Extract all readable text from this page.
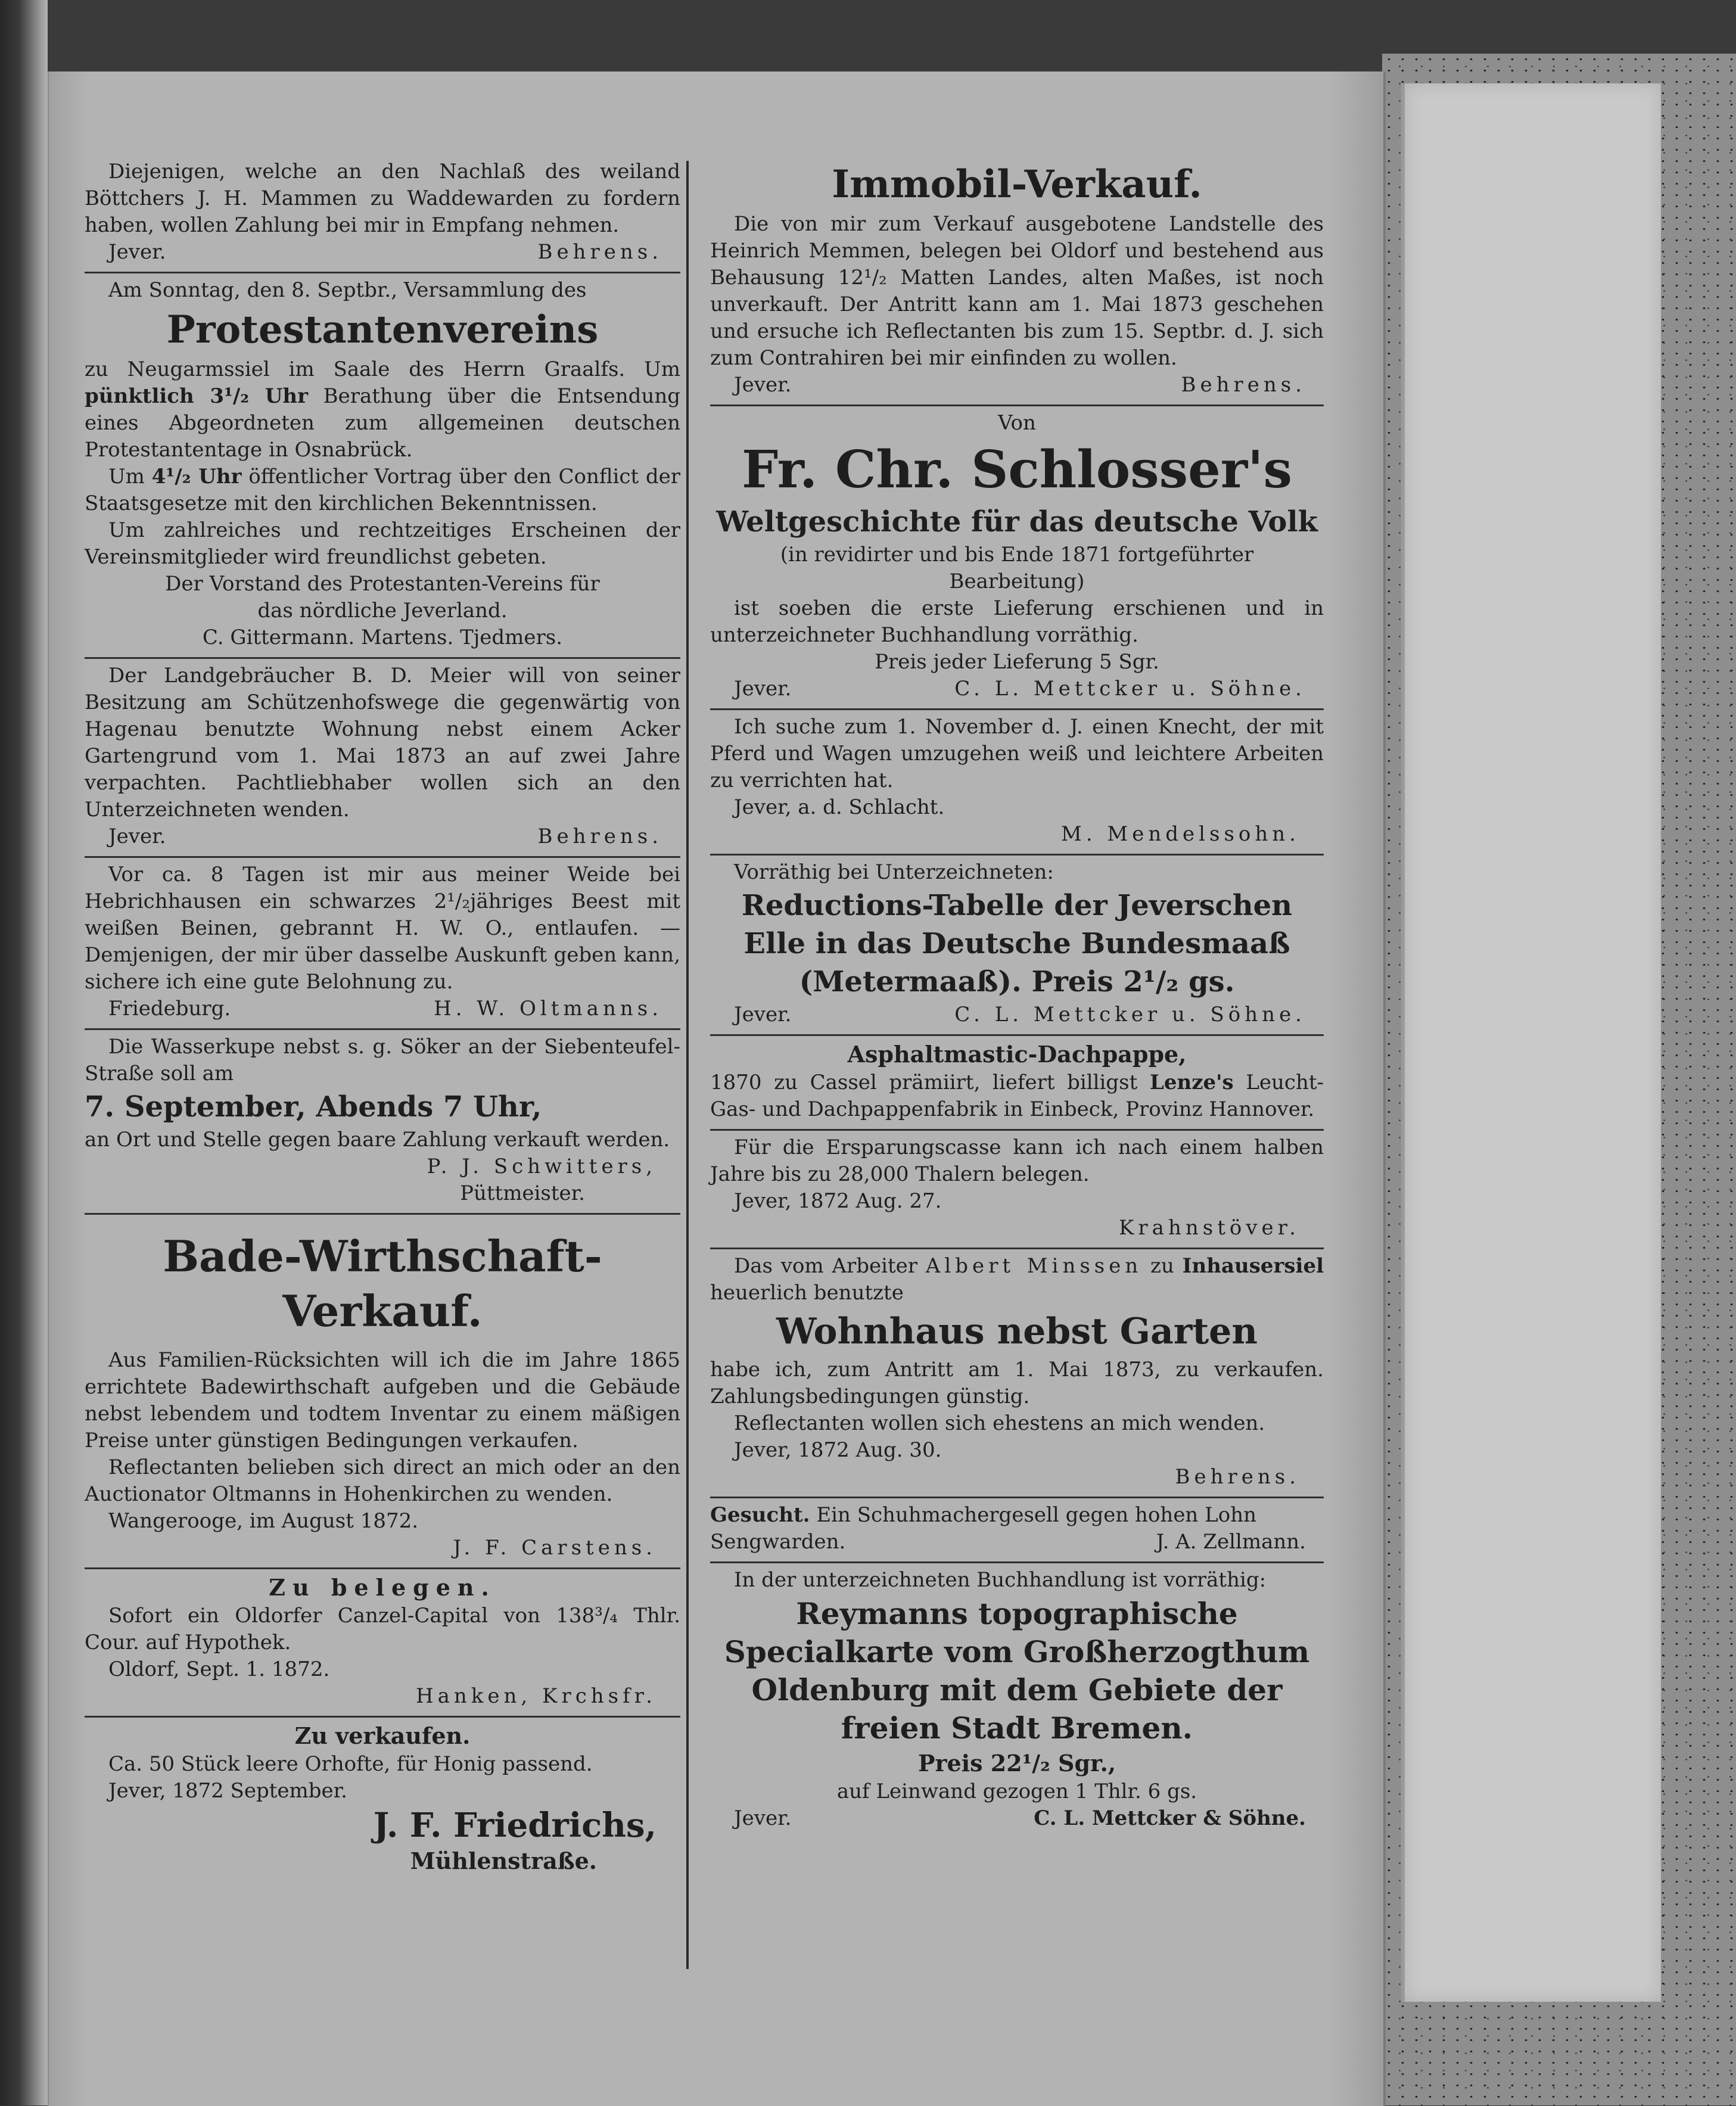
Diejenigen, welche an den Nachlaß des weiland Böttchers J. H. Mammen zu Waddewarden zu fordern haben, wollen Zahlung bei mir in Empfang nehmen.

Jever.	Behrens.

Am Sonntag, den 8. Septbr., Versammlung des

Protestantenvereins

zu Neugarmssiel im Saale des Herrn Graalfs. Um pünktlich 3¹/₂ Uhr Berathung über die Entsendung eines Abgeordneten zum allgemeinen deutschen Protestantentage in Osnabrück.

Um 4¹/₂ Uhr öffentlicher Vortrag über den Conflict der Staatsgesetze mit den kirchlichen Bekenntnissen.

Um zahlreiches und rechtzeitiges Erscheinen der Vereinsmitglieder wird freundlichst gebeten.

Der Vorstand des Protestanten-Vereins für

das nördliche Jeverland.

C. Gittermann. Martens. Tjedmers.

Der Landgebräucher B. D. Meier will von seiner Besitzung am Schützenhofswege die gegenwärtig von Hagenau benutzte Wohnung nebst einem Acker Gartengrund vom 1. Mai 1873 an auf zwei Jahre verpachten. Pachtliebhaber wollen sich an den Unterzeichneten wenden.

Jever.	Behrens.

Vor ca. 8 Tagen ist mir aus meiner Weide bei Hebrichhausen ein schwarzes 2¹/₂jähriges Beest mit weißen Beinen, gebrannt H. W. O., entlaufen. — Demjenigen, der mir über dasselbe Auskunft geben kann, sichere ich eine gute Belohnung zu.

Friedeburg.	H. W. Oltmanns.

Die Wasserkupe nebst s. g. Söker an der Siebenteufel-Straße soll am

7. September, Abends 7 Uhr,

an Ort und Stelle gegen baare Zahlung verkauft werden.

P. J. Schwitters,

Püttmeister.

Bade-Wirthschaft-
Verkauf.

Aus Familien-Rücksichten will ich die im Jahre 1865 errichtete Badewirthschaft aufgeben und die Gebäude nebst lebendem und todtem Inventar zu einem mäßigen Preise unter günstigen Bedingungen verkaufen.

Reflectanten belieben sich direct an mich oder an den Auctionator Oltmanns in Hohenkirchen zu wenden.

Wangerooge, im August 1872.

J. F. Carstens.

Zu belegen.

Sofort ein Oldorfer Canzel-Capital von 138³/₄ Thlr. Cour. auf Hypothek.

Oldorf, Sept. 1. 1872.

Hanken, Krchsfr.

Zu verkaufen.

Ca. 50 Stück leere Orhofte, für Honig passend.

Jever, 1872 September.

J. F. Friedrichs,

Mühlenstraße.

Immobil-Verkauf.

Die von mir zum Verkauf ausgebotene Landstelle des Heinrich Memmen, belegen bei Oldorf und bestehend aus Behausung 12¹/₂ Matten Landes, alten Maßes, ist noch unverkauft. Der Antritt kann am 1. Mai 1873 geschehen und ersuche ich Reflectanten bis zum 15. Septbr. d. J. sich zum Contrahiren bei mir einfinden zu wollen.

Jever.	Behrens.

Von

Fr. Chr. Schlosser's
Weltgeschichte für das deutsche Volk

(in revidirter und bis Ende 1871 fortgeführter Bearbeitung)

ist soeben die erste Lieferung erschienen und in unterzeichneter Buchhandlung vorräthig.

Preis jeder Lieferung 5 Sgr.

Jever.	C. L. Mettcker u. Söhne.

Ich suche zum 1. November d. J. einen Knecht, der mit Pferd und Wagen umzugehen weiß und leichtere Arbeiten zu verrichten hat.

Jever, a. d. Schlacht.

M. Mendelssohn.

Vorräthig bei Unterzeichneten:

Reductions-Tabelle der Jeverschen
Elle in das Deutsche Bundesmaaß
(Metermaaß). Preis 2¹/₂ gs.
Jever.	C. L. Mettcker u. Söhne.

Asphaltmastic-Dachpappe,

1870 zu Cassel prämiirt, liefert billigst Lenze's Leucht-Gas- und Dachpappenfabrik in Einbeck, Provinz Hannover.

Für die Ersparungscasse kann ich nach einem halben Jahre bis zu 28,000 Thalern belegen.

Jever, 1872 Aug. 27.

Krahnstöver.

Das vom Arbeiter Albert Minssen zu Inhausersiel heuerlich benutzte

Wohnhaus nebst Garten

habe ich, zum Antritt am 1. Mai 1873, zu verkaufen. Zahlungsbedingungen günstig.

Reflectanten wollen sich ehestens an mich wenden.

Jever, 1872 Aug. 30.

Behrens.

Gesucht. Ein Schuhmachergesell gegen hohen Lohn

Sengwarden.	J. A. Zellmann.

In der unterzeichneten Buchhandlung ist vorräthig:

Reymanns topographische Specialkarte vom Großherzogthum Oldenburg mit dem Gebiete der freien Stadt Bremen.

Preis 22¹/₂ Sgr.,

auf Leinwand gezogen 1 Thlr. 6 gs.

Jever.	C. L. Mettcker & Söhne.
